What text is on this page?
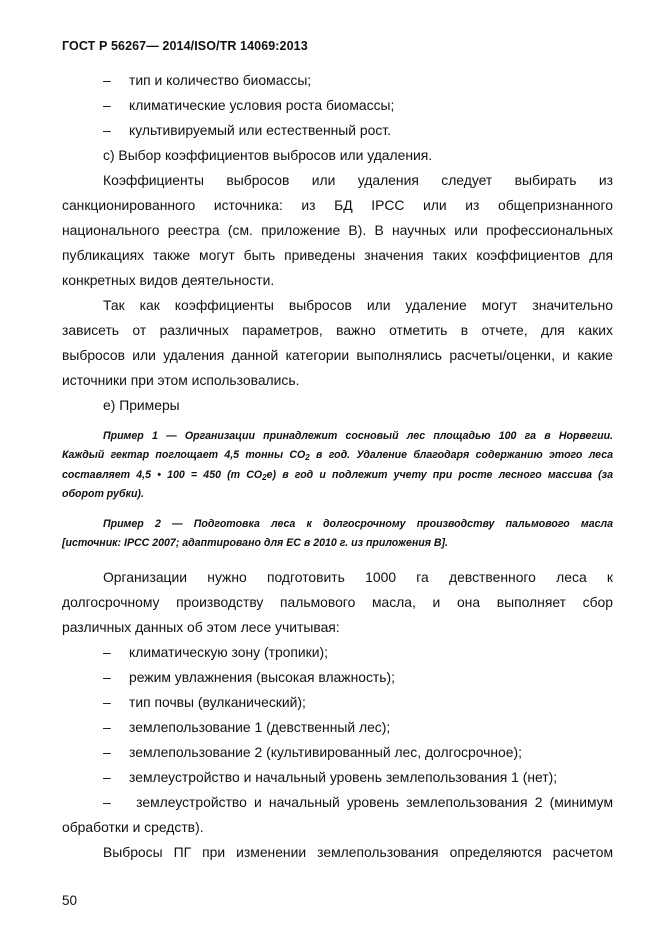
ГОСТ Р 56267— 2014/ISO/TR 14069:2013
– тип и количество биомассы;
– климатические условия роста биомассы;
– культивируемый или естественный рост.
с) Выбор коэффициентов выбросов или удаления.
Коэффициенты выбросов или удаления следует выбирать из
санкционированного источника: из БД IPCC или из общепризнанного
национального реестра (см. приложение В). В научных или профессиональных
публикациях также могут быть приведены значения таких коэффициентов для
конкретных видов деятельности.
Так как коэффициенты выбросов или удаление могут значительно
зависеть от различных параметров, важно отметить в отчете, для каких
выбросов или удаления данной категории выполнялись расчеты/оценки, и какие
источники при этом использовались.
е) Примеры
Пример 1 — Организации принадлежит сосновый лес площадью 100 га в Норвегии.
Каждый гектар поглощает 4,5 тонны $СО_2$ в год. Удаление благодаря содержанию этого леса
составляет 4,5 • 100 = 450 (т $СО_2е$) в год и подлежит учету при росте лесного массива (за
оборот рубки).
Пример 2 — Подготовка леса к долгосрочному производству пальмового масла
[источник: IPCC 2007; адаптировано для ЕС в 2010 г. из приложения В].
Организации нужно подготовить 1000 га девственного леса к
долгосрочному производству пальмового масла, и она выполняет сбор
различных данных об этом лесе учитывая:
– климатическую зону (тропики);
– режим увлажнения (высокая влажность);
– тип почвы (вулканический);
– землепользование 1 (девственный лес);
– землепользование 2 (культивированный лес, долгосрочное);
– землеустройство и начальный уровень землепользования 1 (нет);
– землеустройство и начальный уровень землепользования 2 (минимум
обработки и средств).
Выбросы ПГ при изменении землепользования определяются расчетом
50
